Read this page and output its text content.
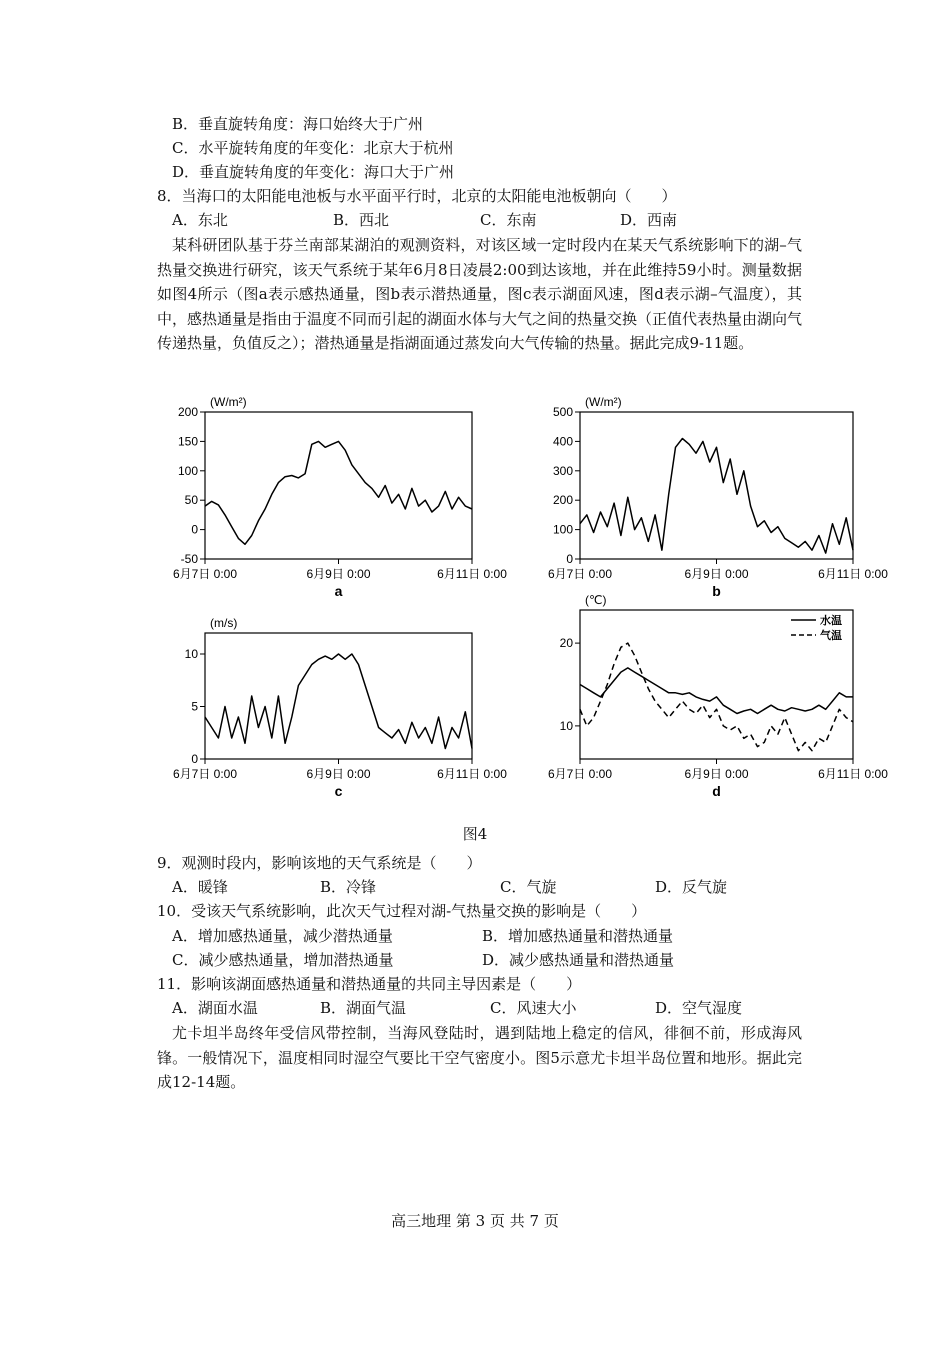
B．垂直旋转角度：海口始终大于广州
C．水平旋转角度的年变化：北京大于杭州
D．垂直旋转角度的年变化：海口大于广州
8．当海口的太阳能电池板与水平面平行时，北京的太阳能电池板朝向（　　）
A．东北	B．西北	C．东南	D．西南
某科研团队基于芬兰南部某湖泊的观测资料，对该区域一定时段内在某天气系统影响下的湖–气热量交换进行研究，该天气系统于某年6月8日凌晨2:00到达该地，并在此维持59小时。测量数据如图4所示（图a表示感热通量，图b表示潜热通量，图c表示湖面风速，图d表示湖–气温度），其中，感热通量是指由于温度不同而引起的湖面水体与大气之间的热量交换（正值代表热量由湖向气传递热量，负值反之）；潜热通量是指湖面通过蒸发向大气传输的热量。据此完成9-11题。
(W/m²)
-50
0
50
100
150
200
6月7日 0:00	6月9日 0:00	6月11日 0:00
a
(W/m²)
0
100
200
300
400
500
6月7日 0:00	6月9日 0:00	6月11日 0:00
b
(m/s)
0
5
10
6月7日 0:00	6月9日 0:00	6月11日 0:00
c
(℃)
10
20
6月7日 0:00	6月9日 0:00	6月11日 0:00
d
水温
气温
图4
9．观测时段内，影响该地的天气系统是（　　）
A．暖锋	B．冷锋	C．气旋	D．反气旋
10．受该天气系统影响，此次天气过程对湖-气热量交换的影响是（　　）
A．增加感热通量，减少潜热通量	B．增加感热通量和潜热通量
C．减少感热通量，增加潜热通量	D．减少感热通量和潜热通量
11．影响该湖面感热通量和潜热通量的共同主导因素是（　　）
A．湖面水温	B．湖面气温	C．风速大小	D．空气湿度
尤卡坦半岛终年受信风带控制，当海风登陆时，遇到陆地上稳定的信风，徘徊不前，形成海风锋。一般情况下，温度相同时湿空气要比干空气密度小。图5示意尤卡坦半岛位置和地形。据此完成12-14题。
高三地理 第 3 页 共 7 页
